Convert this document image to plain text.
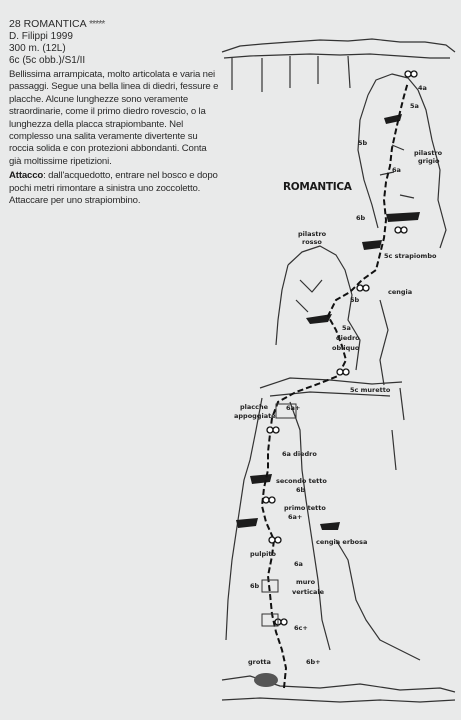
28 ROMANTICA *****

D. Filippi 1999

300 m. (12L)

6c (5c obb.)/S1/II

Bellissima arrampicata, molto articolata e varia nei passaggi. Segue una bella linea di diedri, fessure e placche. Alcune lunghezze sono veramente straordinarie, come il primo diedro rovescio, o la lunghezza della placca strapiombante. Nel complesso una salita veramente divertente su roccia solida e con protezioni abbondanti. Conta già moltissime ripetizioni.

Attacco: dall'acquedotto, entrare nel bosco e dopo pochi metri rimontare a sinistra uno zoccoletto. Attaccare per uno strapiombino.

4a
5a
5b
pilastro
grigio
6a
ROMANTICA
6b
pilastro
rosso
5c strapiombo
cengia
5b
5a
diedro
obliquo
5c muretto
placche
appoggiate
6a+
6a diedro
secondo tetto
6b
primo tetto
6a+
cengia erbosa
pulpito
6a
6b	muro
verticale
6c+
grotta	6b+
